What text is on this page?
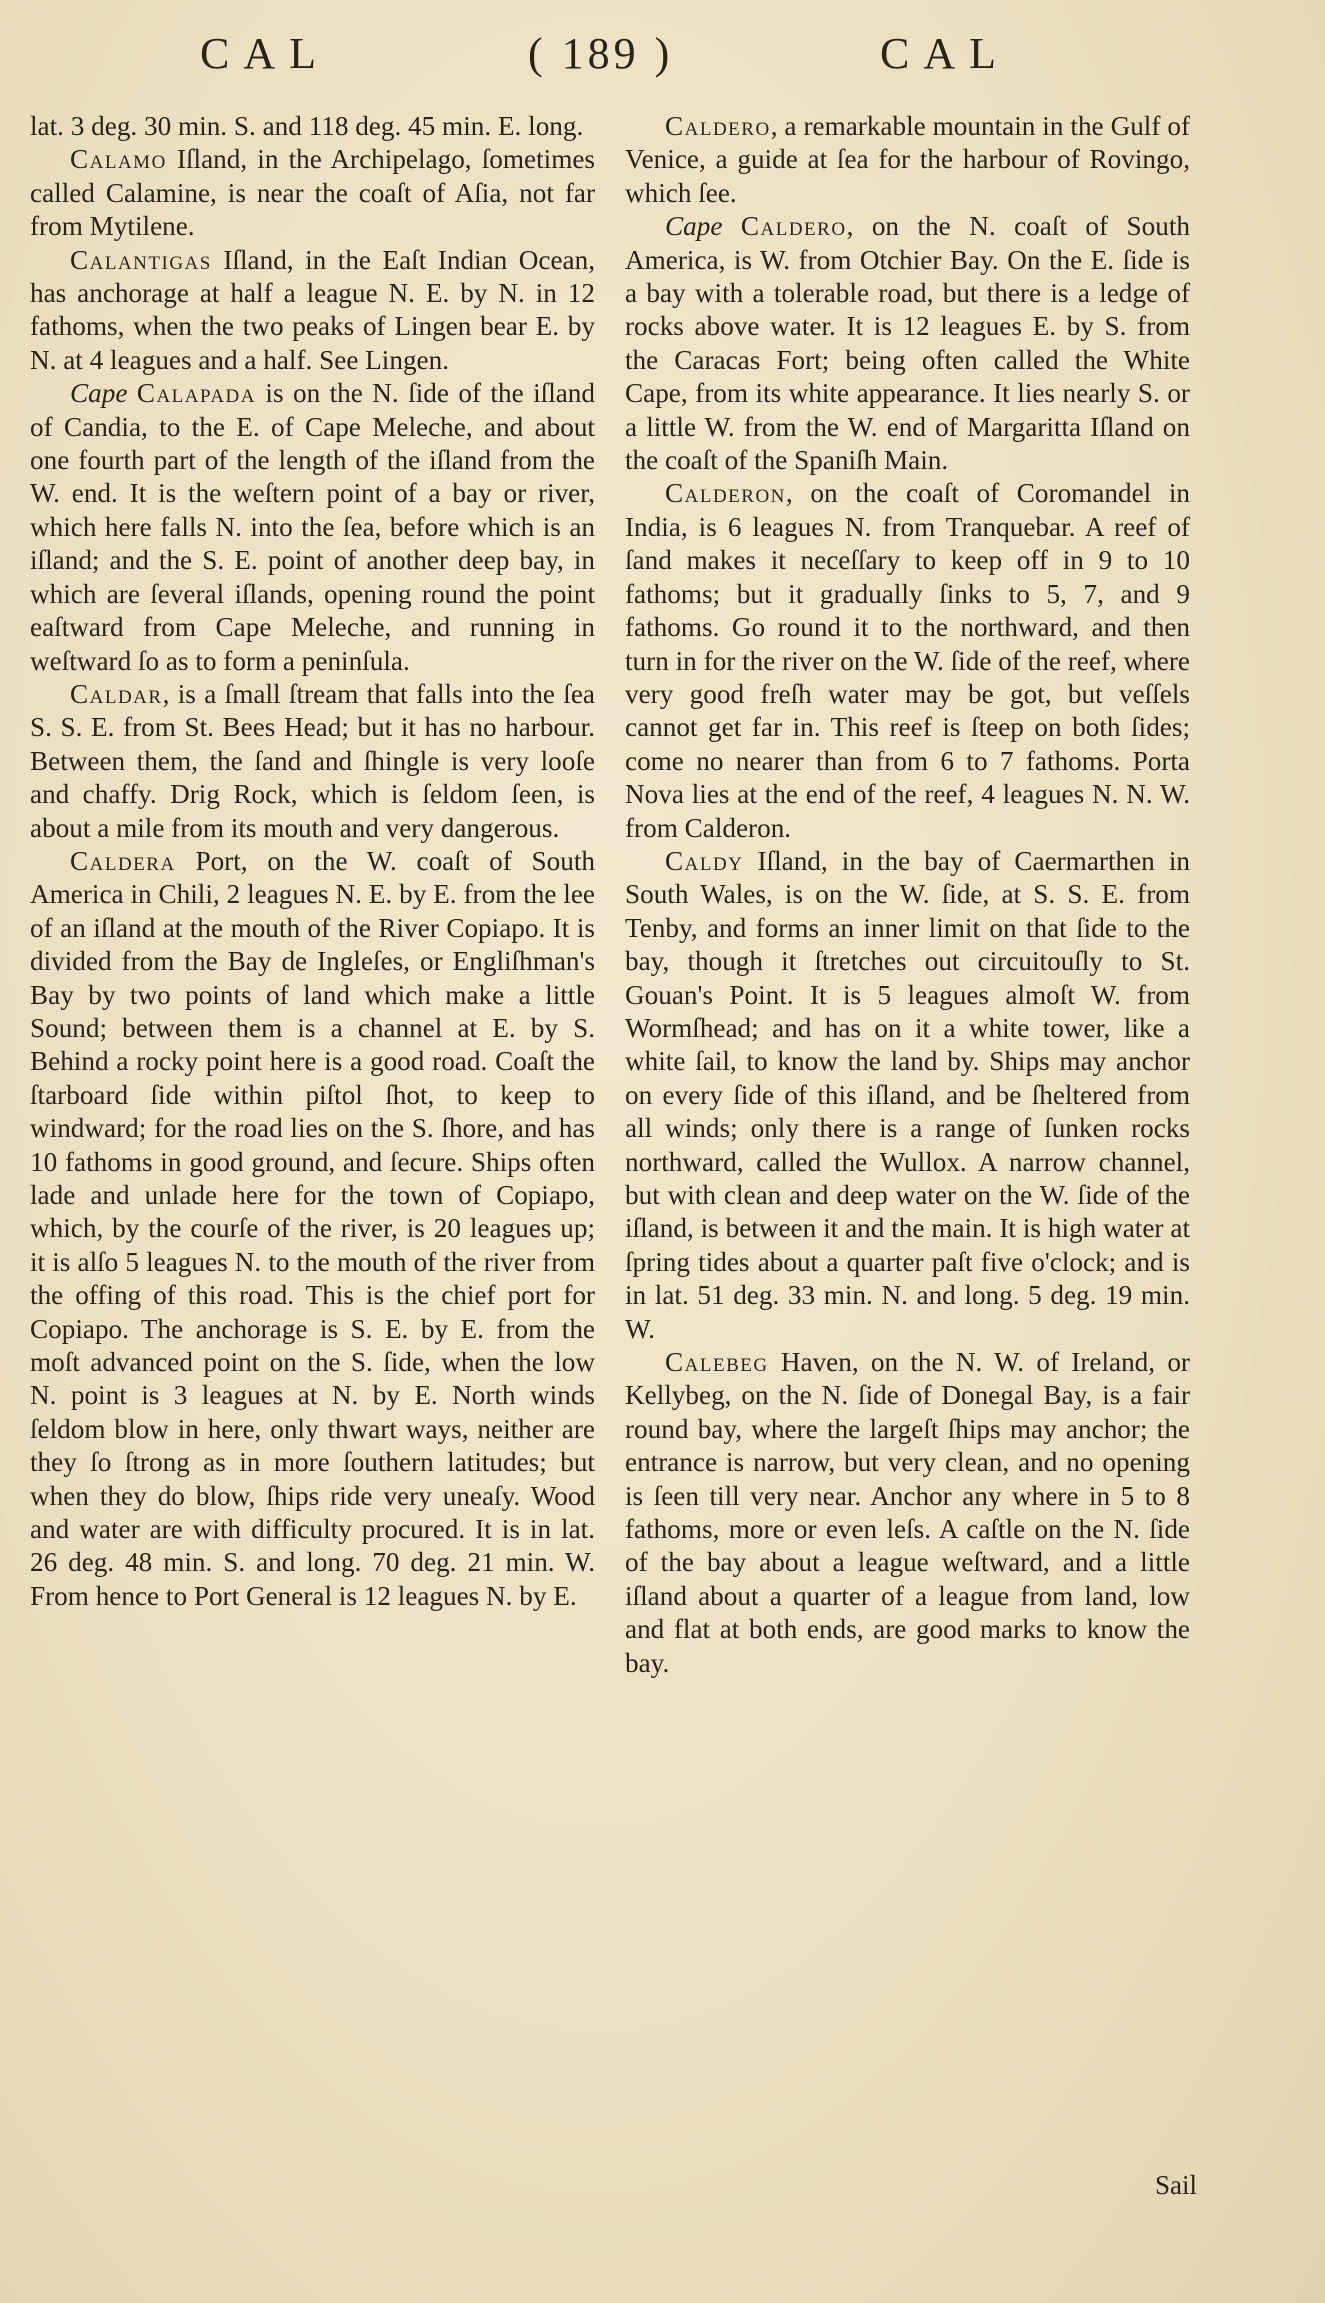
CAL	( 189 )	CAL

lat. 3 deg. 30 min. S. and 118 deg. 45 min. E. long.

Calamo Iſland, in the Archipelago, ſometimes called Calamine, is near the coaſt of Aſia, not far from Mytilene.

Calantigas Iſland, in the Eaſt Indian Ocean, has anchorage at half a league N. E. by N. in 12 fathoms, when the two peaks of Lingen bear E. by N. at 4 leagues and a half. See Lingen.

Cape Calapada is on the N. ſide of the iſland of Candia, to the E. of Cape Meleche, and about one fourth part of the length of the iſland from the W. end. It is the weſtern point of a bay or river, which here falls N. into the ſea, before which is an iſland; and the S. E. point of another deep bay, in which are ſeveral iſlands, opening round the point eaſtward from Cape Meleche, and running in weſtward ſo as to form a peninſula.

Caldar, is a ſmall ſtream that falls into the ſea S. S. E. from St. Bees Head; but it has no harbour. Between them, the ſand and ſhingle is very looſe and chaffy. Drig Rock, which is ſeldom ſeen, is about a mile from its mouth and very dangerous.

Caldera Port, on the W. coaſt of South America in Chili, 2 leagues N. E. by E. from the lee of an iſland at the mouth of the River Copiapo. It is divided from the Bay de Ingleſes, or Engliſhman's Bay by two points of land which make a little Sound; between them is a channel at E. by S. Behind a rocky point here is a good road. Coaſt the ſtarboard ſide within piſtol ſhot, to keep to windward; for the road lies on the S. ſhore, and has 10 fathoms in good ground, and ſecure. Ships often lade and unlade here for the town of Copiapo, which, by the courſe of the river, is 20 leagues up; it is alſo 5 leagues N. to the mouth of the river from the offing of this road. This is the chief port for Copiapo. The anchorage is S. E. by E. from the moſt advanced point on the S. ſide, when the low N. point is 3 leagues at N. by E. North winds ſeldom blow in here, only thwart ways, neither are they ſo ſtrong as in more ſouthern latitudes; but when they do blow, ſhips ride very uneaſy. Wood and water are with difficulty procured. It is in lat. 26 deg. 48 min. S. and long. 70 deg. 21 min. W. From hence to Port General is 12 leagues N. by E.

Caldero, a remarkable mountain in the Gulf of Venice, a guide at ſea for the harbour of Rovingo, which ſee.

Cape Caldero, on the N. coaſt of South America, is W. from Otchier Bay. On the E. ſide is a bay with a tolerable road, but there is a ledge of rocks above water. It is 12 leagues E. by S. from the Caracas Fort; being often called the White Cape, from its white appearance. It lies nearly S. or a little W. from the W. end of Margaritta Iſland on the coaſt of the Spaniſh Main.

Calderon, on the coaſt of Coromandel in India, is 6 leagues N. from Tranquebar. A reef of ſand makes it neceſſary to keep off in 9 to 10 fathoms; but it gradually ſinks to 5, 7, and 9 fathoms. Go round it to the northward, and then turn in for the river on the W. ſide of the reef, where very good freſh water may be got, but veſſels cannot get far in. This reef is ſteep on both ſides; come no nearer than from 6 to 7 fathoms. Porta Nova lies at the end of the reef, 4 leagues N. N. W. from Calderon.

Caldy Iſland, in the bay of Caermarthen in South Wales, is on the W. ſide, at S. S. E. from Tenby, and forms an inner limit on that ſide to the bay, though it ſtretches out circuitouſly to St. Gouan's Point. It is 5 leagues almoſt W. from Wormſhead; and has on it a white tower, like a white ſail, to know the land by. Ships may anchor on every ſide of this iſland, and be ſheltered from all winds; only there is a range of ſunken rocks northward, called the Wullox. A narrow channel, but with clean and deep water on the W. ſide of the iſland, is between it and the main. It is high water at ſpring tides about a quarter paſt five o'clock; and is in lat. 51 deg. 33 min. N. and long. 5 deg. 19 min. W.

Calebeg Haven, on the N. W. of Ireland, or Kellybeg, on the N. ſide of Donegal Bay, is a fair round bay, where the largeſt ſhips may anchor; the entrance is narrow, but very clean, and no opening is ſeen till very near. Anchor any where in 5 to 8 fathoms, more or even leſs. A caſtle on the N. ſide of the bay about a league weſtward, and a little iſland about a quarter of a league from land, low and flat at both ends, are good marks to know the bay.

Sail
